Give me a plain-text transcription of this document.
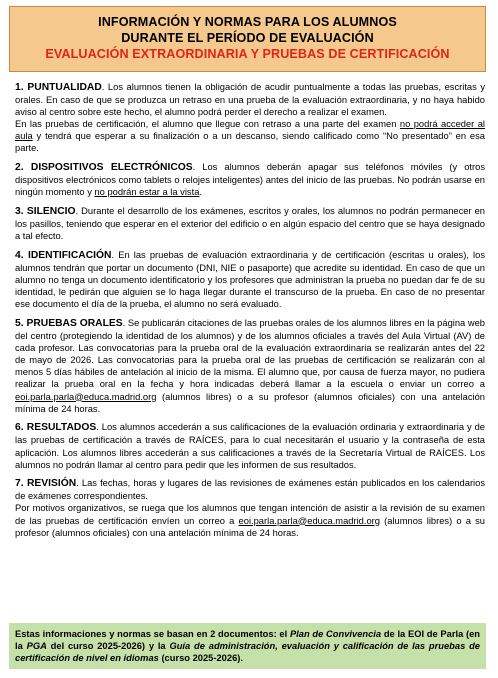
INFORMACIÓN Y NORMAS PARA LOS ALUMNOS
DURANTE EL PERÍODO DE EVALUACIÓN
EVALUACIÓN EXTRAORDINARIA Y PRUEBAS DE CERTIFICACIÓN

1. PUNTUALIDAD. Los alumnos tienen la obligación de acudir puntualmente a todas las pruebas, escritas y orales. En caso de que se produzca un retraso en una prueba de la evaluación extraordinaria, y no haya habido aviso al centro sobre este hecho, el alumno podrá perder el derecho a realizar el examen.

En las pruebas de certificación, el alumno que llegue con retraso a una parte del examen no podrá acceder al aula y tendrá que esperar a su finalización o a un descanso, siendo calificado como “No presentado” en esa parte.

2. DISPOSITIVOS ELECTRÓNICOS. Los alumnos deberán apagar sus teléfonos móviles (y otros dispositivos electrónicos como tablets o relojes inteligentes) antes del inicio de las pruebas. No podrán usarse en ningún momento y no podrán estar a la vista.

3. SILENCIO. Durante el desarrollo de los exámenes, escritos y orales, los alumnos no podrán permanecer en los pasillos, teniendo que esperar en el exterior del edificio o en algún espacio del centro que se haya designado a tal efecto.

4. IDENTIFICACIÓN. En las pruebas de evaluación extraordinaria y de certificación (escritas u orales), los alumnos tendrán que portar un documento (DNI, NIE o pasaporte) que acredite su identidad. En caso de que un alumno no tenga un documento identificatorio y los profesores que administran la prueba no puedan dar fe de su identidad, le pedirán que alguien se lo haga llegar durante el transcurso de la prueba. En caso de no presentar ese documento el día de la prueba, el alumno no será evaluado.

5. PRUEBAS ORALES. Se publicarán citaciones de las pruebas orales de los alumnos libres en la página web del centro (protegiendo la identidad de los alumnos) y de los alumnos oficiales a través del Aula Virtual (AV) de cada profesor. Las convocatorias para la prueba oral de la evaluación extraordinaria se realizarán antes del 22 de mayo de 2026. Las convocatorias para la prueba oral de las pruebas de certificación se realizarán con al menos 5 días hábiles de antelación al inicio de la misma. El alumno que, por causa de fuerza mayor, no pudiera realizar la prueba oral en la fecha y hora indicadas deberá llamar a la escuela o enviar un correo a eoi.parla.parla@educa.madrid.org (alumnos libres) o a su profesor (alumnos oficiales) con una antelación mínima de 24 horas.

6. RESULTADOS. Los alumnos accederán a sus calificaciones de la evaluación ordinaria y extraordinaria y de las pruebas de certificación a través de RAÍCES, para lo cual necesitarán el usuario y la contraseña de esta aplicación. Los alumnos libres accederán a sus calificaciones a través de la Secretaría Virtual de RAÍCES. Los alumnos no podrán llamar al centro para pedir que les informen de sus resultados.

7. REVISIÓN. Las fechas, horas y lugares de las revisiones de exámenes están publicados en los calendarios de exámenes correspondientes.

Por motivos organizativos, se ruega que los alumnos que tengan intención de asistir a la revisión de su examen de las pruebas de certificación envíen un correo a eoi.parla.parla@educa.madrid.org (alumnos libres) o a su profesor (alumnos oficiales) con una antelación mínima de 24 horas.

Estas informaciones y normas se basan en 2 documentos: el Plan de Convivencia de la EOI de Parla (en la PGA del curso 2025-2026) y la Guía de administración, evaluación y calificación de las pruebas de certificación de nivel en idiomas (curso 2025-2026).
